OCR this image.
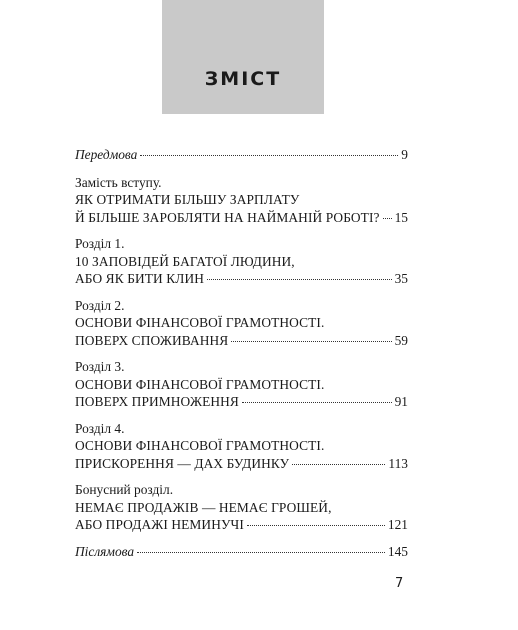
ЗМІСТ
Передмова	9
Замість вступу.
ЯК ОТРИМАТИ БІЛЬШУ ЗАРПЛАТУ
Й БІЛЬШЕ ЗАРОБЛЯТИ НА НАЙМАНІЙ РОБОТІ? 15
Розділ 1.
10 ЗАПОВІДЕЙ БАГАТОЇ ЛЮДИНИ,
АБО ЯК БИТИ КЛИН	35
Розділ 2.
ОСНОВИ ФІНАНСОВОЇ ГРАМОТНОСТІ.
ПОВЕРХ СПОЖИВАННЯ	59
Розділ 3.
ОСНОВИ ФІНАНСОВОЇ ГРАМОТНОСТІ.
ПОВЕРХ ПРИМНОЖЕННЯ	91
Розділ 4.
ОСНОВИ ФІНАНСОВОЇ ГРАМОТНОСТІ.
ПРИСКОРЕННЯ — ДАХ БУДИНКУ	113
Бонусний розділ.
НЕМАЄ ПРОДАЖІВ — НЕМАЄ ГРОШЕЙ,
АБО ПРОДАЖІ НЕМИНУЧІ	121
Післямова	145
7
